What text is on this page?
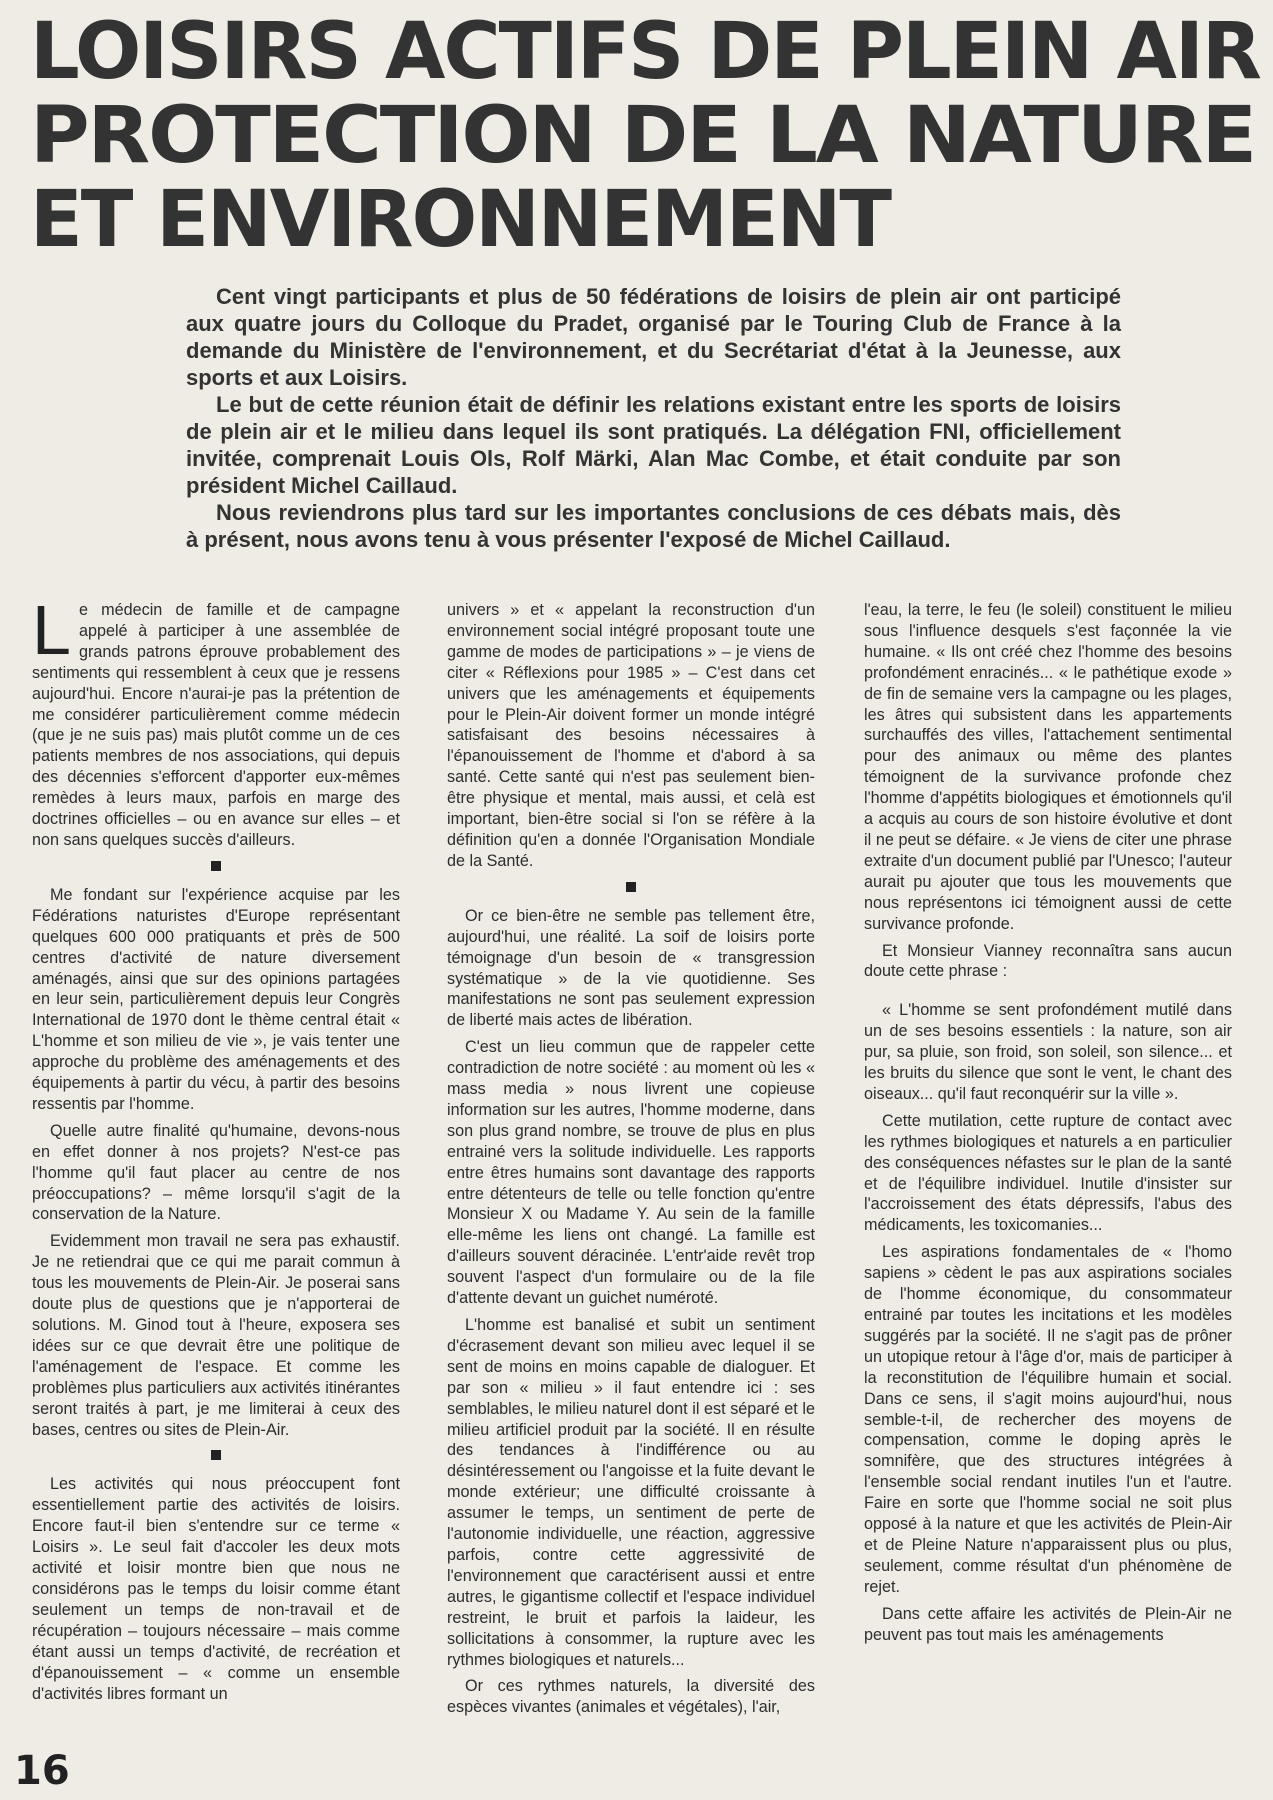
LOISIRS ACTIFS DE PLEIN AIR
PROTECTION DE LA NATURE
ET ENVIRONNEMENT

Cent vingt participants et plus de 50 fédérations de loisirs de plein air ont participé aux quatre jours du Colloque du Pradet, organisé par le Touring Club de France à la demande du Ministère de l'environnement, et du Secrétariat d'état à la Jeunesse, aux sports et aux Loisirs.

Le but de cette réunion était de définir les relations existant entre les sports de loisirs de plein air et le milieu dans lequel ils sont pratiqués. La délégation FNI, officiellement invitée, comprenait Louis Ols, Rolf Märki, Alan Mac Combe, et était conduite par son président Michel Caillaud.

Nous reviendrons plus tard sur les importantes conclusions de ces débats mais, dès à présent, nous avons tenu à vous présenter l'exposé de Michel Caillaud.

Le médecin de famille et de campagne appelé à participer à une assemblée de grands patrons éprouve probablement des sentiments qui ressemblent à ceux que je ressens aujourd'hui. Encore n'aurai-je pas la prétention de me considérer particulièrement comme médecin (que je ne suis pas) mais plutôt comme un de ces patients membres de nos associations, qui depuis des décennies s'efforcent d'apporter eux-mêmes remèdes à leurs maux, parfois en marge des doctrines officielles – ou en avance sur elles – et non sans quelques succès d'ailleurs.

Me fondant sur l'expérience acquise par les Fédérations naturistes d'Europe représentant quelques 600 000 pratiquants et près de 500 centres d'activité de nature diversement aménagés, ainsi que sur des opinions partagées en leur sein, particulièrement depuis leur Congrès International de 1970 dont le thème central était « L'homme et son milieu de vie », je vais tenter une approche du problème des aménagements et des équipements à partir du vécu, à partir des besoins ressentis par l'homme.

Quelle autre finalité qu'humaine, devons-nous en effet donner à nos projets? N'est-ce pas l'homme qu'il faut placer au centre de nos préoccupations? – même lorsqu'il s'agit de la conservation de la Nature.

Evidemment mon travail ne sera pas exhaustif. Je ne retiendrai que ce qui me parait commun à tous les mouvements de Plein-Air. Je poserai sans doute plus de questions que je n'apporterai de solutions. M. Ginod tout à l'heure, exposera ses idées sur ce que devrait être une politique de l'aménagement de l'espace. Et comme les problèmes plus particuliers aux activités itinérantes seront traités à part, je me limiterai à ceux des bases, centres ou sites de Plein-Air.

Les activités qui nous préoccupent font essentiellement partie des activités de loisirs. Encore faut-il bien s'entendre sur ce terme « Loisirs ». Le seul fait d'accoler les deux mots activité et loisir montre bien que nous ne considérons pas le temps du loisir comme étant seulement un temps de non-travail et de récupération – toujours nécessaire – mais comme étant aussi un temps d'activité, de recréation et d'épanouissement – « comme un ensemble d'activités libres formant un

univers » et « appelant la reconstruction d'un environnement social intégré proposant toute une gamme de modes de participations » – je viens de citer « Réflexions pour 1985 » – C'est dans cet univers que les aménagements et équipements pour le Plein-Air doivent former un monde intégré satisfaisant des besoins nécessaires à l'épanouissement de l'homme et d'abord à sa santé. Cette santé qui n'est pas seulement bien-être physique et mental, mais aussi, et celà est important, bien-être social si l'on se réfère à la définition qu'en a donnée l'Organisation Mondiale de la Santé.

Or ce bien-être ne semble pas tellement être, aujourd'hui, une réalité. La soif de loisirs porte témoignage d'un besoin de « transgression systématique » de la vie quotidienne. Ses manifestations ne sont pas seulement expression de liberté mais actes de libération.

C'est un lieu commun que de rappeler cette contradiction de notre société : au moment où les « mass media » nous livrent une copieuse information sur les autres, l'homme moderne, dans son plus grand nombre, se trouve de plus en plus entrainé vers la solitude individuelle. Les rapports entre êtres humains sont davantage des rapports entre détenteurs de telle ou telle fonction qu'entre Monsieur X ou Madame Y. Au sein de la famille elle-même les liens ont changé. La famille est d'ailleurs souvent déracinée. L'entr'aide revêt trop souvent l'aspect d'un formulaire ou de la file d'attente devant un guichet numéroté.

L'homme est banalisé et subit un sentiment d'écrasement devant son milieu avec lequel il se sent de moins en moins capable de dialoguer. Et par son « milieu » il faut entendre ici : ses semblables, le milieu naturel dont il est séparé et le milieu artificiel produit par la société. Il en résulte des tendances à l'indifférence ou au désintéressement ou l'angoisse et la fuite devant le monde extérieur; une difficulté croissante à assumer le temps, un sentiment de perte de l'autonomie individuelle, une réaction, aggressive parfois, contre cette aggressivité de l'environnement que caractérisent aussi et entre autres, le gigantisme collectif et l'espace individuel restreint, le bruit et parfois la laideur, les sollicitations à consommer, la rupture avec les rythmes biologiques et naturels...

Or ces rythmes naturels, la diversité des espèces vivantes (animales et végétales), l'air,

l'eau, la terre, le feu (le soleil) constituent le milieu sous l'influence desquels s'est façonnée la vie humaine. « Ils ont créé chez l'homme des besoins profondément enracinés... « le pathétique exode » de fin de semaine vers la campagne ou les plages, les âtres qui subsistent dans les appartements surchauffés des villes, l'attachement sentimental pour des animaux ou même des plantes témoignent de la survivance profonde chez l'homme d'appétits biologiques et émotionnels qu'il a acquis au cours de son histoire évolutive et dont il ne peut se défaire. « Je viens de citer une phrase extraite d'un document publié par l'Unesco; l'auteur aurait pu ajouter que tous les mouvements que nous représentons ici témoignent aussi de cette survivance profonde.

Et Monsieur Vianney reconnaîtra sans aucun doute cette phrase :

« L'homme se sent profondément mutilé dans un de ses besoins essentiels : la nature, son air pur, sa pluie, son froid, son soleil, son silence... et les bruits du silence que sont le vent, le chant des oiseaux... qu'il faut reconquérir sur la ville ».

Cette mutilation, cette rupture de contact avec les rythmes biologiques et naturels a en particulier des conséquences néfastes sur le plan de la santé et de l'équilibre individuel. Inutile d'insister sur l'accroissement des états dépressifs, l'abus des médicaments, les toxicomanies...

Les aspirations fondamentales de « l'homo sapiens » cèdent le pas aux aspirations sociales de l'homme économique, du consommateur entrainé par toutes les incitations et les modèles suggérés par la société. Il ne s'agit pas de prôner un utopique retour à l'âge d'or, mais de participer à la reconstitution de l'équilibre humain et social. Dans ce sens, il s'agit moins aujourd'hui, nous semble-t-il, de rechercher des moyens de compensation, comme le doping après le somnifère, que des structures intégrées à l'ensemble social rendant inutiles l'un et l'autre. Faire en sorte que l'homme social ne soit plus opposé à la nature et que les activités de Plein-Air et de Pleine Nature n'apparaissent plus ou plus, seulement, comme résultat d'un phénomène de rejet.

Dans cette affaire les activités de Plein-Air ne peuvent pas tout mais les aménagements

16
